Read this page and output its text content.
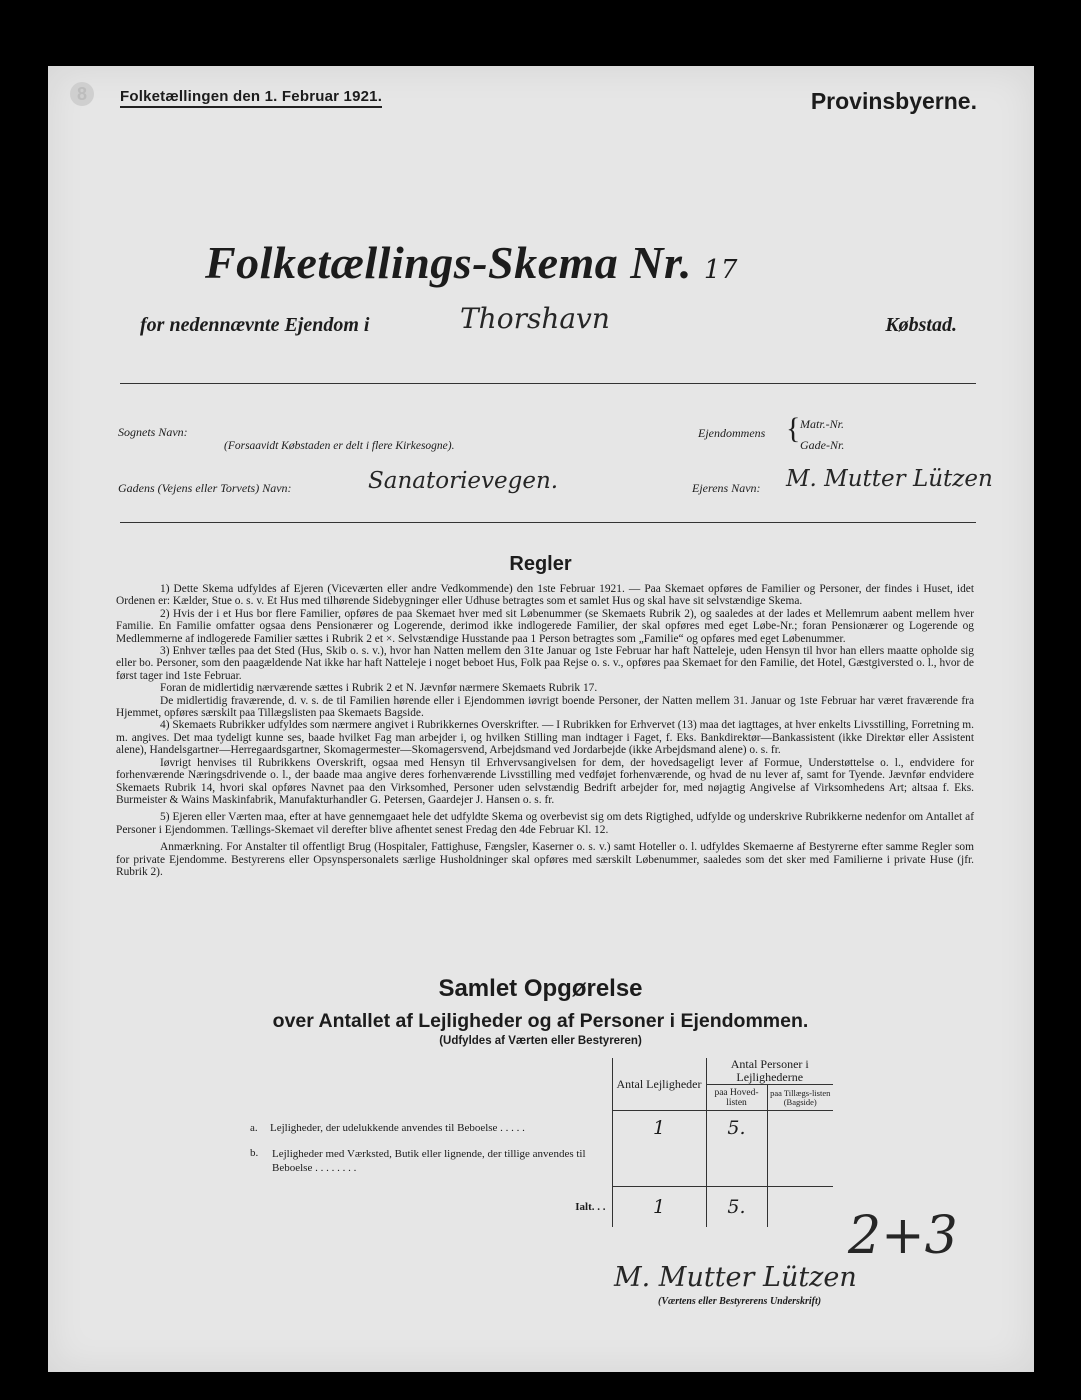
8	Folketællingen den 1. Februar 1921.	Provinsbyerne.
Folketællings-Skema Nr. 17
for nedennævnte Ejendom i	Thorshavn	Købstad.
Sognets Navn:
(Forsaavidt Købstaden er delt i flere Kirkesogne).
Ejendommens { Matr.-Nr.
Gade-Nr.
Gadens (Vejens eller Torvets) Navn:	Sanatorievegen.	Ejerens Navn: M. Mutter Lützen
Regler

1) Dette Skema udfyldes af Ejeren (Viceværten eller andre Vedkommende) den 1ste Februar 1921. — Paa Skemaet opføres de Familier og Personer, der findes i Huset, idet Ordenen er: Kælder, Stue o. s. v. Et Hus med tilhørende Sidebygninger eller Udhuse betragtes som et samlet Hus og skal have sit selvstændige Skema.

2) Hvis der i et Hus bor flere Familier, opføres de paa Skemaet hver med sit Løbenummer (se Skemaets Rubrik 2), og saaledes at der lades et Mellemrum aabent mellem hver Familie. En Familie omfatter ogsaa dens Pensionærer og Logerende, derimod ikke indlogerede Familier, der skal opføres med eget Løbe-Nr.; foran Pensionærer og Logerende og Medlemmerne af indlogerede Familier sættes i Rubrik 2 et ×. Selvstændige Husstande paa 1 Person betragtes som „Familie“ og opføres med eget Løbenummer.

3) Enhver tælles paa det Sted (Hus, Skib o. s. v.), hvor han Natten mellem den 31te Januar og 1ste Februar har haft Natteleje, uden Hensyn til hvor han ellers maatte opholde sig eller bo. Personer, som den paagældende Nat ikke har haft Natteleje i noget beboet Hus, Folk paa Rejse o. s. v., opføres paa Skemaet for den Familie, det Hotel, Gæstgiversted o. l., hvor de først tager ind 1ste Februar.

Foran de midlertidig nærværende sættes i Rubrik 2 et N. Jævnfør nærmere Skemaets Rubrik 17.

De midlertidig fraværende, d. v. s. de til Familien hørende eller i Ejendommen iøvrigt boende Personer, der Natten mellem 31. Januar og 1ste Februar har været fraværende fra Hjemmet, opføres særskilt paa Tillægslisten paa Skemaets Bagside.

4) Skemaets Rubrikker udfyldes som nærmere angivet i Rubrikkernes Overskrifter. — I Rubrikken for Erhvervet (13) maa det iagttages, at hver enkelts Livsstilling, Forretning m. m. angives. Det maa tydeligt kunne ses, baade hvilket Fag man arbejder i, og hvilken Stilling man indtager i Faget, f. Eks. Bankdirektør—Bankassistent (ikke Direktør eller Assistent alene), Handelsgartner—Herregaardsgartner, Skomagermester—Skomagersvend, Arbejdsmand ved Jordarbejde (ikke Arbejdsmand alene) o. s. fr.

Iøvrigt henvises til Rubrikkens Overskrift, ogsaa med Hensyn til Erhvervsangivelsen for dem, der hovedsageligt lever af Formue, Understøttelse o. l., endvidere for forhenværende Næringsdrivende o. l., der baade maa angive deres forhenværende Livsstilling med vedføjet forhenværende, og hvad de nu lever af, samt for Tyende. Jævnfør endvidere Skemaets Rubrik 14, hvori skal opføres Navnet paa den Virksomhed, Personer uden selvstændig Bedrift arbejder for, med nøjagtig Angivelse af Virksomhedens Art; altsaa f. Eks. Burmeister & Wains Maskinfabrik, Manufakturhandler G. Petersen, Gaardejer J. Hansen o. s. fr.

5) Ejeren eller Værten maa, efter at have gennemgaaet hele det udfyldte Skema og overbevist sig om dets Rigtighed, udfylde og underskrive Rubrikkerne nedenfor om Antallet af Personer i Ejendommen. Tællings-Skemaet vil derefter blive afhentet senest Fredag den 4de Februar Kl. 12.

Anmærkning. For Anstalter til offentligt Brug (Hospitaler, Fattighuse, Fængsler, Kaserner o. s. v.) samt Hoteller o. l. udfyldes Skemaerne af Bestyrerne efter samme Regler som for private Ejendomme. Bestyrerens eller Opsynspersonalets særlige Husholdninger skal opføres med særskilt Løbenummer, saaledes som det sker med Familierne i private Huse (jfr. Rubrik 2).

Samlet Opgørelse
over Antallet af Lejligheder og af Personer i Ejendommen.
(Udfyldes af Værten eller Bestyreren)
		Antal Lejligheder	Antal Personer i Lejlighederne	
			paa Hoved-listen	paa Tillægs-listen (Bagside)
a.	Lejligheder, der udelukkende anvendes til Beboelse . . . . .	1	5.	
b.	Lejligheder med Værksted, Butik eller lignende, der tillige anvendes til Beboelse . . . . . . . .			
	Ialt. . .	1	5.	2+3
M. Mutter Lützen
(Værtens eller Bestyrerens Underskrift)
